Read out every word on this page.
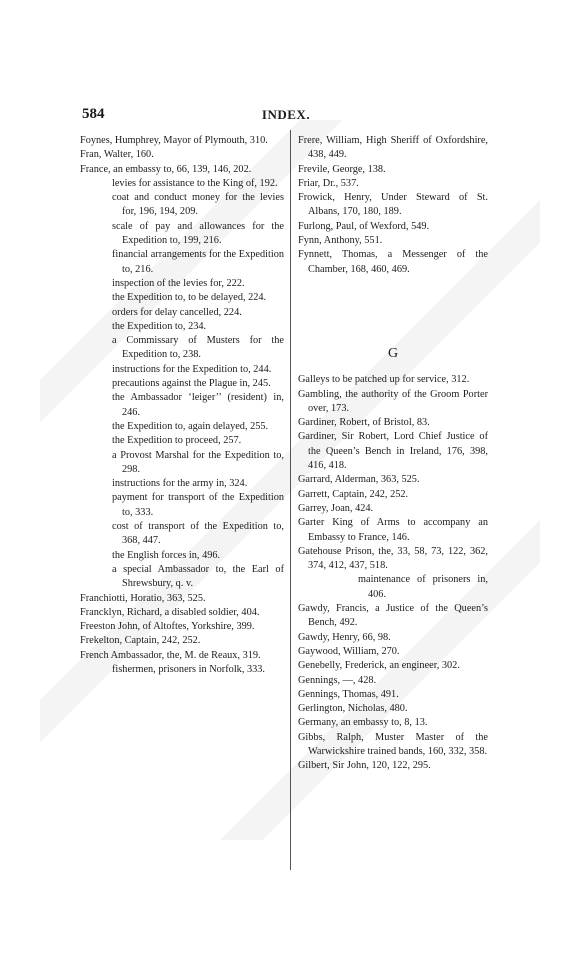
584	INDEX.
Foynes, Humphrey, Mayor of Plymouth, 310.
Fran, Walter, 160.
France, an embassy to, 66, 139, 146, 202.
levies for assistance to the King of, 192.
coat and conduct money for the levies for, 196, 194, 209.
scale of pay and allowances for the Expedition to, 199, 216.
financial arrangements for the Expedition to, 216.
inspection of the levies for, 222.
the Expedition to, to be delayed, 224.
orders for delay cancelled, 224.
the Expedition to, 234.
a Commissary of Musters for the Expedition to, 238.
instructions for the Expedition to, 244.
precautions against the Plague in, 245.
the Ambassador ‘leiger’’ (resident) in, 246.
the Expedition to, again delayed, 255.
the Expedition to proceed, 257.
a Provost Marshal for the Expedition to, 298.
instructions for the army in, 324.
payment for transport of the Expedition to, 333.
cost of transport of the Expedition to, 368, 447.
the English forces in, 496.
a special Ambassador to, the Earl of Shrewsbury, q. v.
Franchiotti, Horatio, 363, 525.
Francklyn, Richard, a disabled soldier, 404.
Freeston John, of Altoftes, Yorkshire, 399.
Frekelton, Captain, 242, 252.
French Ambassador, the, M. de Reaux, 319.
fishermen, prisoners in Norfolk, 333.
Frere, William, High Sheriff of Oxfordshire, 438, 449.
Frevile, George, 138.
Friar, Dr., 537.
Frowick, Henry, Under Steward of St. Albans, 170, 180, 189.
Furlong, Paul, of Wexford, 549.
Fynn, Anthony, 551.
Fynnett, Thomas, a Messenger of the Chamber, 168, 460, 469.
G
Galleys to be patched up for service, 312.
Gambling, the authority of the Groom Porter over, 173.
Gardiner, Robert, of Bristol, 83.
Gardiner, Sir Robert, Lord Chief Justice of the Queen’s Bench in Ireland, 176, 398, 416, 418.
Garrard, Alderman, 363, 525.
Garrett, Captain, 242, 252.
Garrey, Joan, 424.
Garter King of Arms to accompany an Embassy to France, 146.
Gatehouse Prison, the, 33, 58, 73, 122, 362, 374, 412, 437, 518.
maintenance of prisoners in, 406.
Gawdy, Francis, a Justice of the Queen’s Bench, 492.
Gawdy, Henry, 66, 98.
Gaywood, William, 270.
Genebelly, Frederick, an engineer, 302.
Gennings, —, 428.
Gennings, Thomas, 491.
Gerlington, Nicholas, 480.
Germany, an embassy to, 8, 13.
Gibbs, Ralph, Muster Master of the Warwickshire trained bands, 160, 332, 358.
Gilbert, Sir John, 120, 122, 295.
